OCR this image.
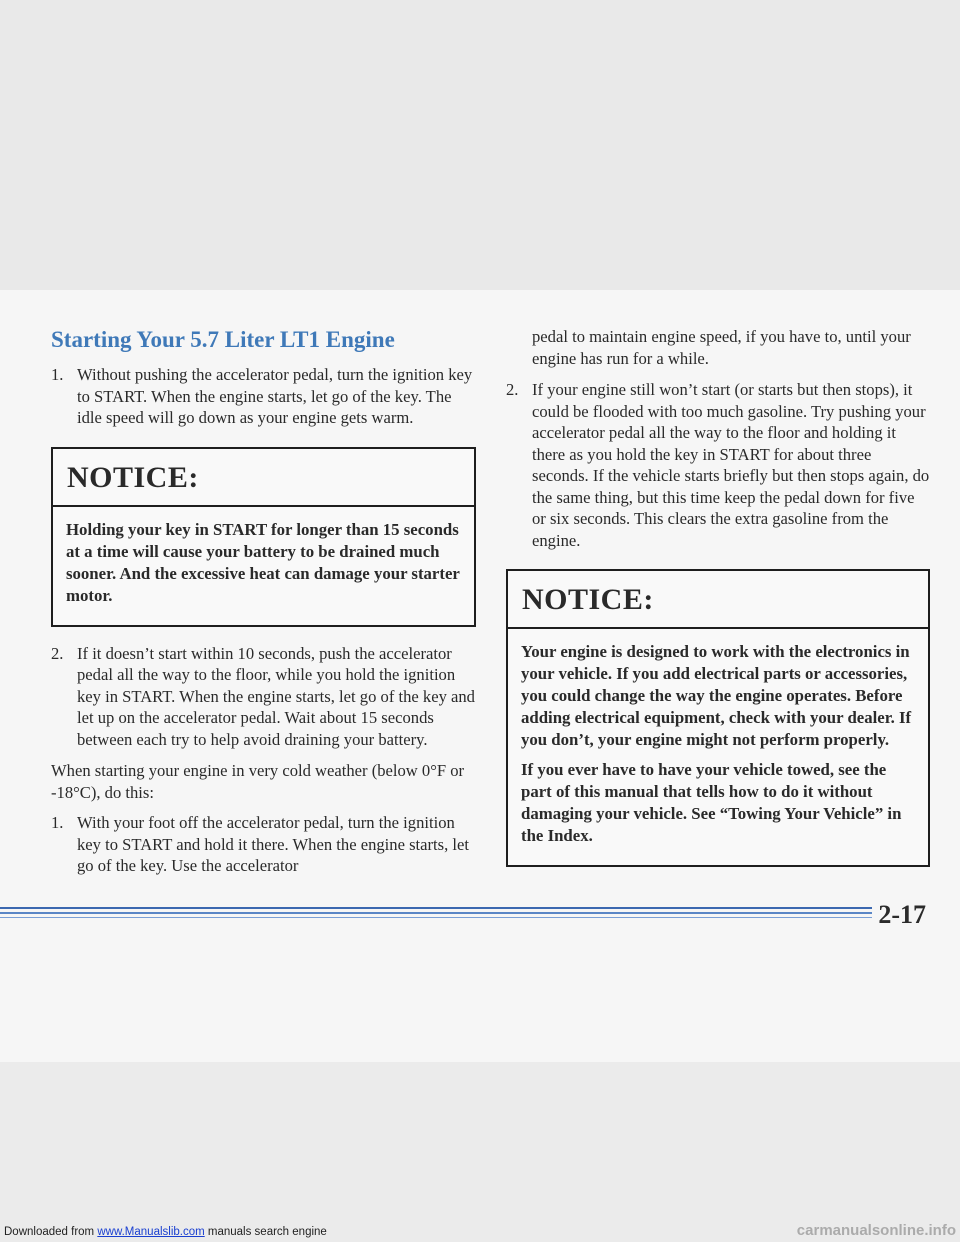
Starting Your 5.7 Liter LT1 Engine
1. Without pushing the accelerator pedal, turn the ignition key to START. When the engine starts, let go of the key. The idle speed will go down as your engine gets warm.
NOTICE:

Holding your key in START for longer than 15 seconds at a time will cause your battery to be drained much sooner. And the excessive heat can damage your starter motor.

2. If it doesn’t start within 10 seconds, push the accelerator pedal all the way to the floor, while you hold the ignition key in START. When the engine starts, let go of the key and let up on the accelerator pedal. Wait about 15 seconds between each try to help avoid draining your battery.

When starting your engine in very cold weather (below 0°F or -18°C), do this:

1. With your foot off the accelerator pedal, turn the ignition key to START and hold it there. When the engine starts, let go of the key. Use the accelerator
pedal to maintain engine speed, if you have to, until your engine has run for a while.
2. If your engine still won’t start (or starts but then stops), it could be flooded with too much gasoline. Try pushing your accelerator pedal all the way to the floor and holding it there as you hold the key in START for about three seconds. If the vehicle starts briefly but then stops again, do the same thing, but this time keep the pedal down for five or six seconds. This clears the extra gasoline from the engine.
NOTICE:

Your engine is designed to work with the electronics in your vehicle. If you add electrical parts or accessories, you could change the way the engine operates. Before adding electrical equipment, check with your dealer. If you don’t, your engine might not perform properly.

If you ever have to have your vehicle towed, see the part of this manual that tells how to do it without damaging your vehicle. See “Towing Your Vehicle” in the Index.

2-17
Downloaded from www.Manualslib.com manuals search engine	carmanualsonline.info
